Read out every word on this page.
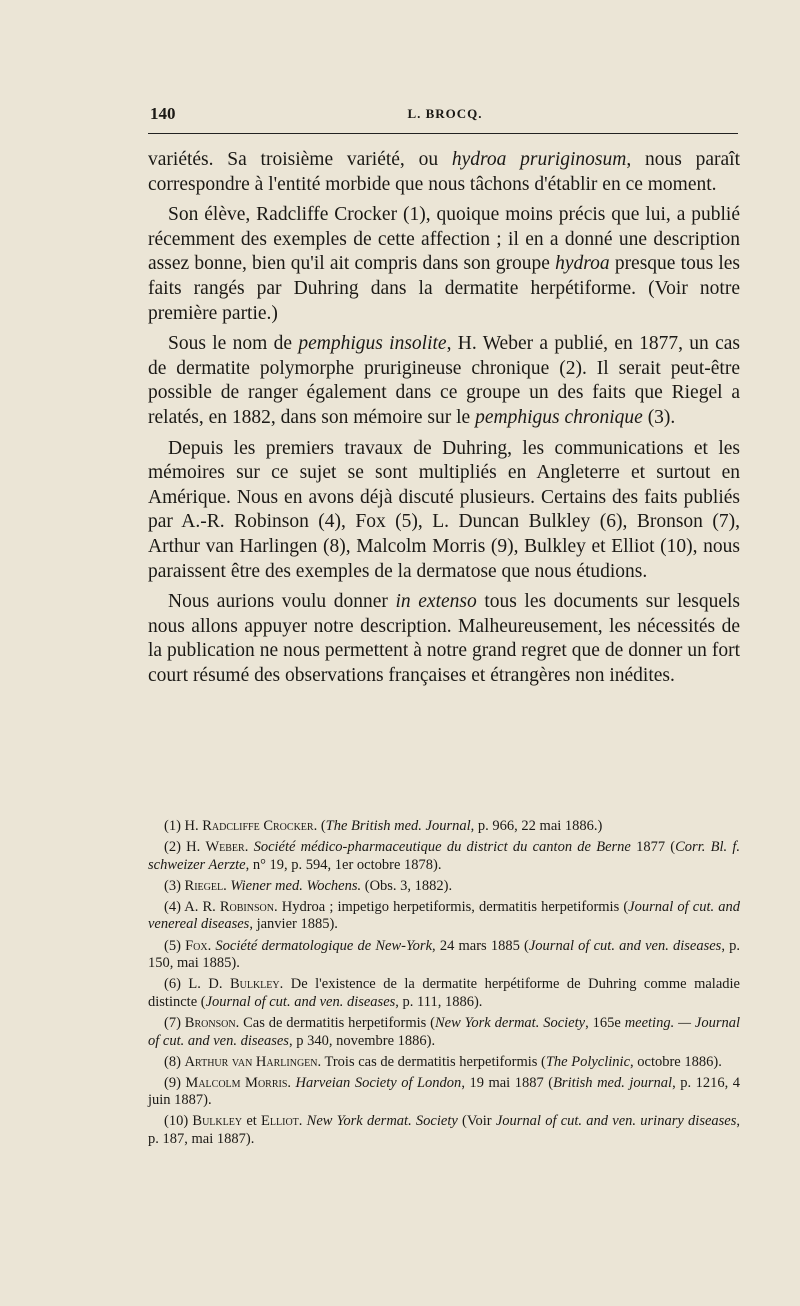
140	L. BROCQ.

variétés. Sa troisième variété, ou hydroa pruriginosum, nous paraît correspondre à l'entité morbide que nous tâchons d'établir en ce moment.

Son élève, Radcliffe Crocker (1), quoique moins précis que lui, a publié récemment des exemples de cette affection ; il en a donné une description assez bonne, bien qu'il ait compris dans son groupe hydroa presque tous les faits rangés par Duhring dans la dermatite herpétiforme. (Voir notre première partie.)

Sous le nom de pemphigus insolite, H. Weber a publié, en 1877, un cas de dermatite polymorphe prurigineuse chronique (2). Il serait peut-être possible de ranger également dans ce groupe un des faits que Riegel a relatés, en 1882, dans son mémoire sur le pemphigus chronique (3).

Depuis les premiers travaux de Duhring, les communications et les mémoires sur ce sujet se sont multipliés en Angleterre et surtout en Amérique. Nous en avons déjà discuté plusieurs. Certains des faits publiés par A.-R. Robinson (4), Fox (5), L. Duncan Bulkley (6), Bronson (7), Arthur van Harlingen (8), Malcolm Morris (9), Bulkley et Elliot (10), nous paraissent être des exemples de la dermatose que nous étudions.

Nous aurions voulu donner in extenso tous les documents sur lesquels nous allons appuyer notre description. Malheureusement, les nécessités de la publication ne nous permettent à notre grand regret que de donner un fort court résumé des observations françaises et étrangères non inédites.

(1) H. Radcliffe Crocker. (The British med. Journal, p. 966, 22 mai 1886.)

(2) H. Weber. Société médico-pharmaceutique du district du canton de Berne 1877 (Corr. Bl. f. schweizer Aerzte, n° 19, p. 594, 1er octobre 1878).

(3) Riegel. Wiener med. Wochens. (Obs. 3, 1882).

(4) A. R. Robinson. Hydroa ; impetigo herpetiformis, dermatitis herpetiformis (Journal of cut. and venereal diseases, janvier 1885).

(5) Fox. Société dermatologique de New-York, 24 mars 1885 (Journal of cut. and ven. diseases, p. 150, mai 1885).

(6) L. D. Bulkley. De l'existence de la dermatite herpétiforme de Duhring comme maladie distincte (Journal of cut. and ven. diseases, p. 111, 1886).

(7) Bronson. Cas de dermatitis herpetiformis (New York dermat. Society, 165e meeting. — Journal of cut. and ven. diseases, p 340, novembre 1886).

(8) Arthur van Harlingen. Trois cas de dermatitis herpetiformis (The Polyclinic, octobre 1886).

(9) Malcolm Morris. Harveian Society of London, 19 mai 1887 (British med. journal, p. 1216, 4 juin 1887).

(10) Bulkley et Elliot. New York dermat. Society (Voir Journal of cut. and ven. urinary diseases, p. 187, mai 1887).
